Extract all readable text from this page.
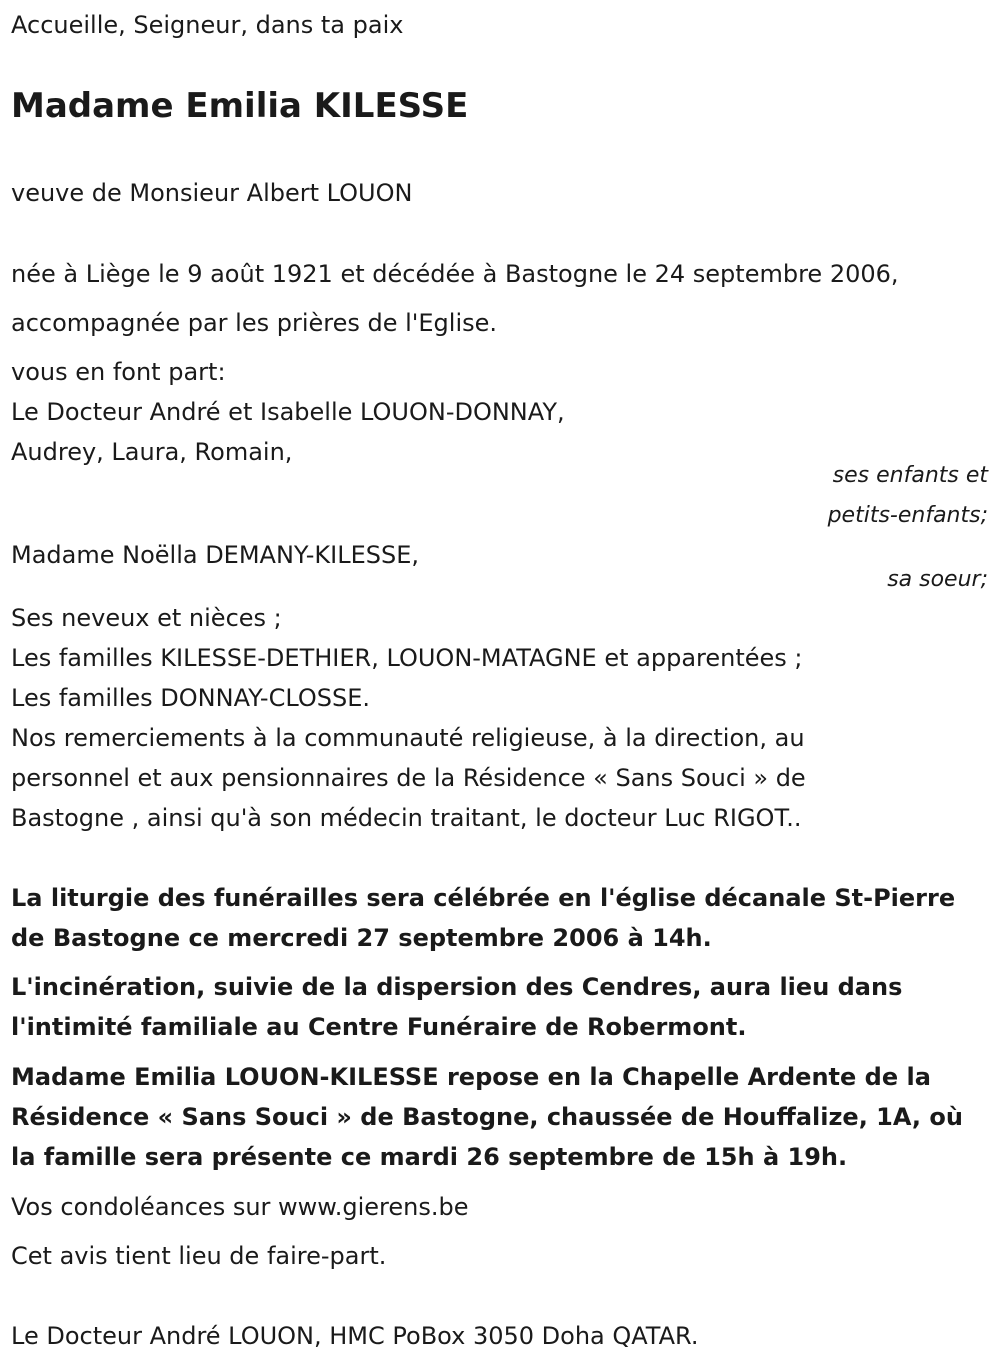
Accueille, Seigneur, dans ta paix
Madame Emilia KILESSE
veuve de Monsieur Albert LOUON
née à Liège le 9 août 1921 et décédée à Bastogne le 24 septembre 2006,
accompagnée par les prières de l'Eglise.
vous en font part:
Le Docteur André et Isabelle LOUON-DONNAY,
Audrey, Laura, Romain,
ses enfants et
petits-enfants;
Madame Noëlla DEMANY-KILESSE,
sa soeur;
Ses neveux et nièces ;
Les familles KILESSE-DETHIER, LOUON-MATAGNE et apparentées ;
Les familles DONNAY-CLOSSE.
Nos remerciements à la communauté religieuse, à la direction, au
personnel et aux pensionnaires de la Résidence « Sans Souci » de
Bastogne , ainsi qu'à son médecin traitant, le docteur Luc RIGOT..
La liturgie des funérailles sera célébrée en l'église décanale St-Pierre
de Bastogne ce mercredi 27 septembre 2006 à 14h.
L'incinération, suivie de la dispersion des Cendres, aura lieu dans
l'intimité familiale au Centre Funéraire de Robermont.
Madame Emilia LOUON-KILESSE repose en la Chapelle Ardente de la
Résidence « Sans Souci » de Bastogne, chaussée de Houffalize, 1A, où
la famille sera présente ce mardi 26 septembre de 15h à 19h.
Vos condoléances sur www.gierens.be
Cet avis tient lieu de faire-part.
Le Docteur André LOUON, HMC PoBox 3050 Doha QATAR.
